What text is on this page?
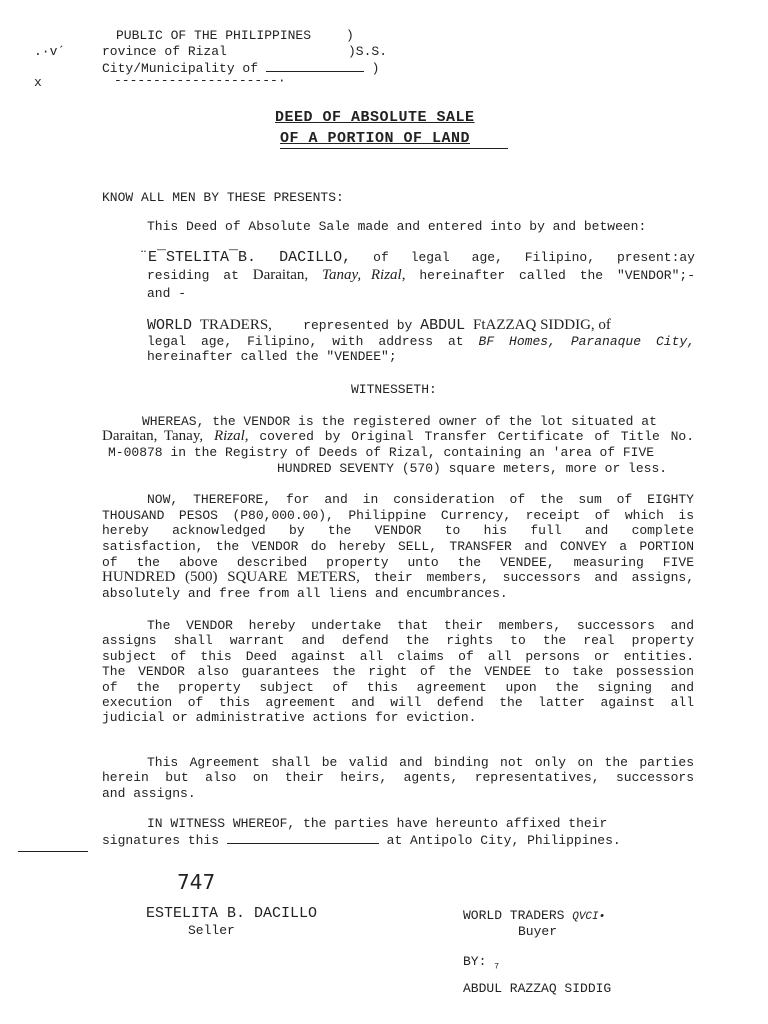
PUBLIC OF THE PHILIPPINES	)
.·v´	rovince of Rizal	)S.S.
City/Municipality of	)
x	---------------------·
DEED OF ABSOLUTE SALE
OF A PORTION OF LAND
KNOW ALL MEN BY THESE PRESENTS:
This Deed of Absolute Sale made and entered into by and between:
¨E¯STELITA¯B. DACILLO, of legal age, Filipino, present:ay
residing at Daraitan, Tanay, Rizal, hereinafter called the "VENDOR";-
and -
WORLD TRADERS, represented by ABDUL FtAZZAQ SIDDIG, of
legal age, Filipino, with address at BF Homes, Paranaque City,
hereinafter called the "VENDEE";
WITNESSETH:
WHEREAS, the VENDOR is the registered owner of the lot situated at
Daraitan, Tanay, Rizal, covered by Original Transfer Certificate of Title No.
M-00878 in the Registry of Deeds of Rizal, containing an 'area of FIVE
HUNDRED SEVENTY (570) square meters, more or less.
NOW, THEREFORE, for and in consideration of the sum of EIGHTY
THOUSAND PESOS (P80,000.00), Philippine Currency, receipt of which is
hereby acknowledged by the VENDOR to his full and complete
satisfaction, the VENDOR do hereby SELL, TRANSFER and CONVEY a PORTION
of the above described property unto the VENDEE, measuring FIVE
HUNDRED (500) SQUARE METERS, their members, successors and assigns,
absolutely and free from all liens and encumbrances.
The VENDOR hereby undertake that their members, successors and
assigns shall warrant and defend the rights to the real property
subject of this Deed against all claims of all persons or entities.
The VENDOR also guarantees the right of the VENDEE to take possession
of the property subject of this agreement upon the signing and
execution of this agreement and will defend the latter against all
judicial or administrative actions for eviction.
This Agreement shall be valid and binding not only on the parties
herein but also on their heirs, agents, representatives, successors
and assigns.
IN WITNESS WHEREOF, the parties have hereunto affixed their
signatures this	at Antipolo City, Philippines.
747
ESTELITA B. DACILLO
Seller
WORLD TRADERS QVCI•
Buyer
BY: $_7$
ABDUL RAZZAQ SIDDIG
